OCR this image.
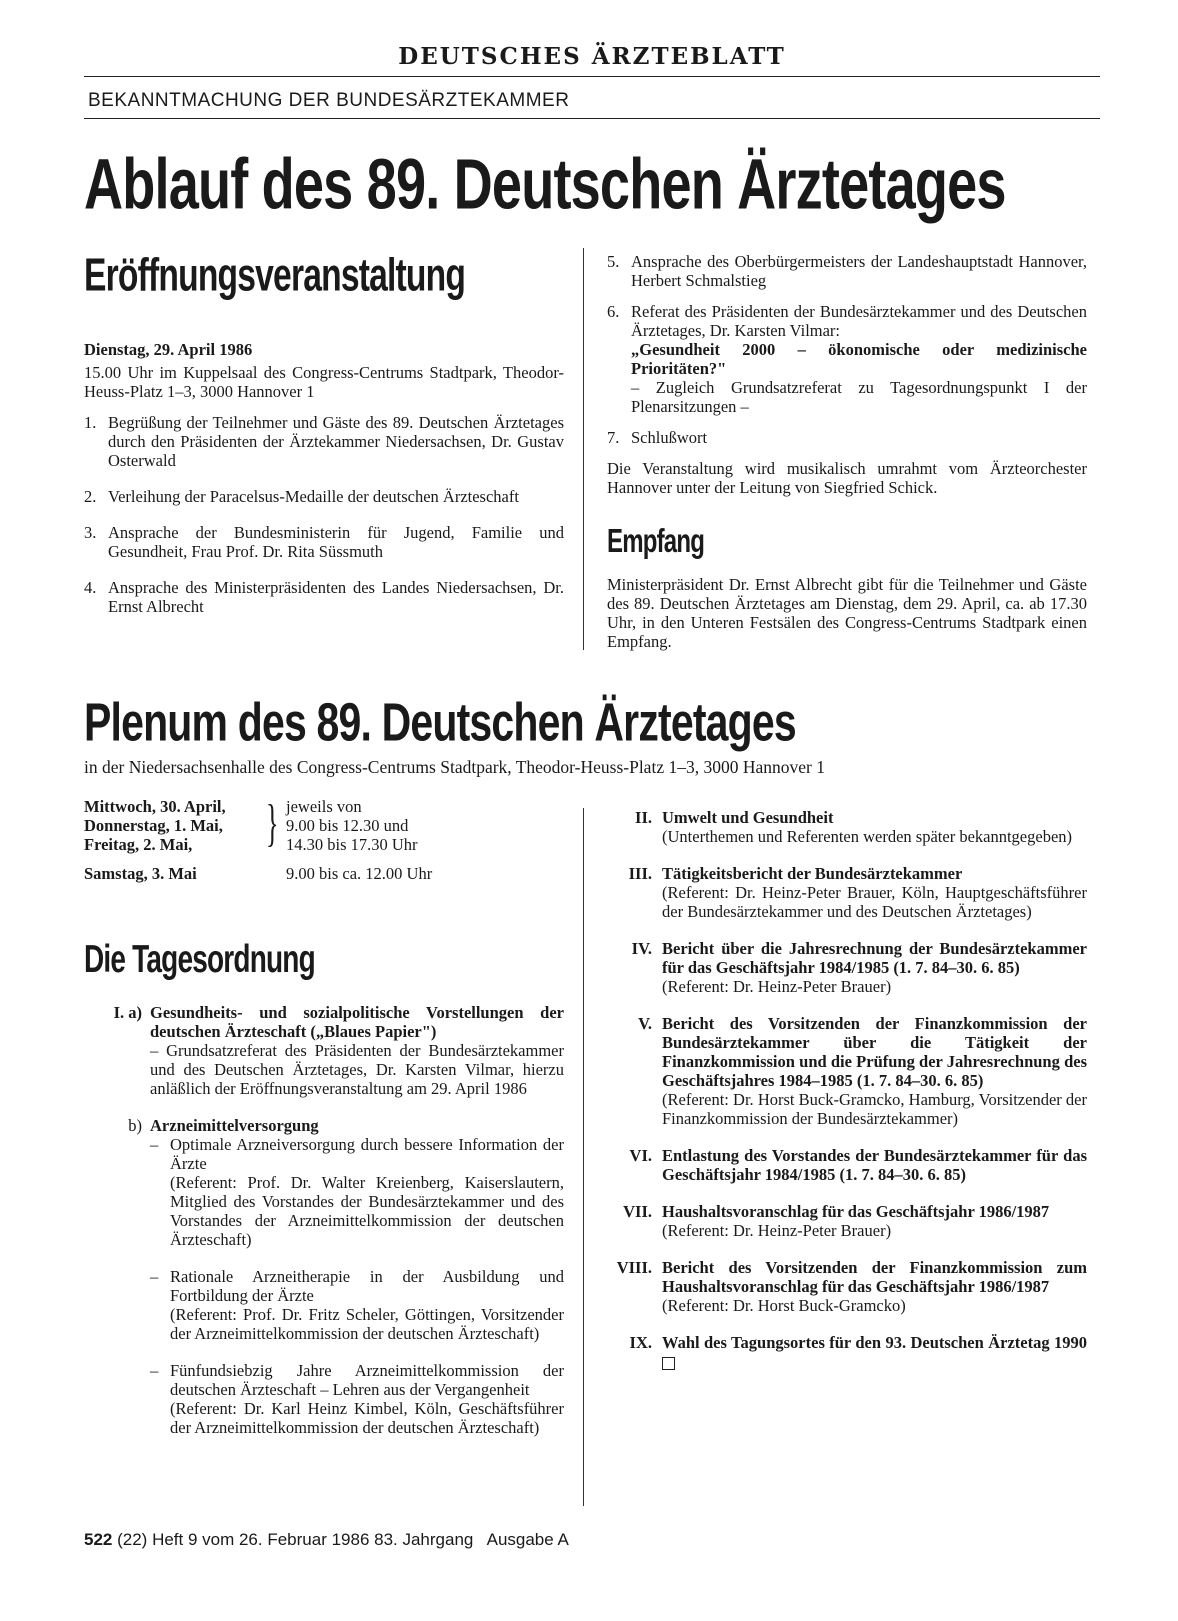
DEUTSCHES ÄRZTEBLATT
BEKANNTMACHUNG DER BUNDESÄRZTEKAMMER
Ablauf des 89. Deutschen Ärztetages
Eröffnungsveranstaltung

Dienstag, 29. April 1986

15.00 Uhr im Kuppelsaal des Congress-Centrums Stadtpark, Theodor-Heuss-Platz 1–3, 3000 Hannover 1

1. Begrüßung der Teilnehmer und Gäste des 89. Deutschen Ärztetages durch den Präsidenten der Ärztekammer Niedersachsen, Dr. Gustav Osterwald
2. Verleihung der Paracelsus-Medaille der deutschen Ärzteschaft
3. Ansprache der Bundesministerin für Jugend, Familie und Gesundheit, Frau Prof. Dr. Rita Süssmuth
4. Ansprache des Ministerpräsidenten des Landes Niedersachsen, Dr. Ernst Albrecht
5. Ansprache des Oberbürgermeisters der Landeshauptstadt Hannover, Herbert Schmalstieg
6. Referat des Präsidenten der Bundesärztekammer und des Deutschen Ärztetages, Dr. Karsten Vilmar:
„Gesundheit 2000 – ökonomische oder medizinische Prioritäten?"
– Zugleich Grundsatzreferat zu Tagesordnungspunkt I der Plenarsitzungen –
7. Schlußwort

Die Veranstaltung wird musikalisch umrahmt vom Ärzteorchester Hannover unter der Leitung von Siegfried Schick.

Empfang
Ministerpräsident Dr. Ernst Albrecht gibt für die Teilnehmer und Gäste des 89. Deutschen Ärztetages am Dienstag, dem 29. April, ca. ab 17.30 Uhr, in den Unteren Festsälen des Congress-Centrums Stadtpark einen Empfang.
Plenum des 89. Deutschen Ärztetages
in der Niedersachsenhalle des Congress-Centrums Stadtpark, Theodor-Heuss-Platz 1–3, 3000 Hannover 1
Mittwoch, 30. April,
Donnerstag, 1. Mai,
Freitag, 2. Mai,
Samstag, 3. Mai
} jeweils von
9.00 bis 12.30 und
14.30 bis 17.30 Uhr
9.00 bis ca. 12.00 Uhr
Die Tagesordnung
I. a) Gesundheits- und sozialpolitische Vorstellungen der deutschen Ärzteschaft („Blaues Papier")
– Grundsatzreferat des Präsidenten der Bundesärztekammer und des Deutschen Ärztetages, Dr. Karsten Vilmar, hierzu anläßlich der Eröffnungsveranstaltung am 29. April 1986
b) Arzneimittelversorgung
– Optimale Arzneiversorgung durch bessere Information der Ärzte
(Referent: Prof. Dr. Walter Kreienberg, Kaiserslautern, Mitglied des Vorstandes der Bundesärztekammer und des Vorstandes der Arzneimittelkommission der deutschen Ärzteschaft)
– Rationale Arzneitherapie in der Ausbildung und Fortbildung der Ärzte
(Referent: Prof. Dr. Fritz Scheler, Göttingen, Vorsitzender der Arzneimittelkommission der deutschen Ärzteschaft)
– Fünfundsiebzig Jahre Arzneimittelkommission der deutschen Ärzteschaft – Lehren aus der Vergangenheit
(Referent: Dr. Karl Heinz Kimbel, Köln, Geschäftsführer der Arzneimittelkommission der deutschen Ärzteschaft)
II. Umwelt und Gesundheit
(Unterthemen und Referenten werden später bekanntgegeben)
III. Tätigkeitsbericht der Bundesärztekammer
(Referent: Dr. Heinz-Peter Brauer, Köln, Hauptgeschäftsführer der Bundesärztekammer und des Deutschen Ärztetages)
IV. Bericht über die Jahresrechnung der Bundesärztekammer für das Geschäftsjahr 1984/1985 (1. 7. 84–30. 6. 85)
(Referent: Dr. Heinz-Peter Brauer)
V. Bericht des Vorsitzenden der Finanzkommission der Bundesärztekammer über die Tätigkeit der Finanzkommission und die Prüfung der Jahresrechnung des Geschäftsjahres 1984–1985 (1. 7. 84–30. 6. 85)
(Referent: Dr. Horst Buck-Gramcko, Hamburg, Vorsitzender der Finanzkommission der Bundesärztekammer)
VI. Entlastung des Vorstandes der Bundesärztekammer für das Geschäftsjahr 1984/1985 (1. 7. 84–30. 6. 85)
VII. Haushaltsvoranschlag für das Geschäftsjahr 1986/1987
(Referent: Dr. Heinz-Peter Brauer)
VIII. Bericht des Vorsitzenden der Finanzkommission zum Haushaltsvoranschlag für das Geschäftsjahr 1986/1987
(Referent: Dr. Horst Buck-Gramcko)
IX. Wahl des Tagungsortes für den 93. Deutschen Ärztetag 1990
522 (22) Heft 9 vom 26. Februar 1986 83. Jahrgang   Ausgabe A
